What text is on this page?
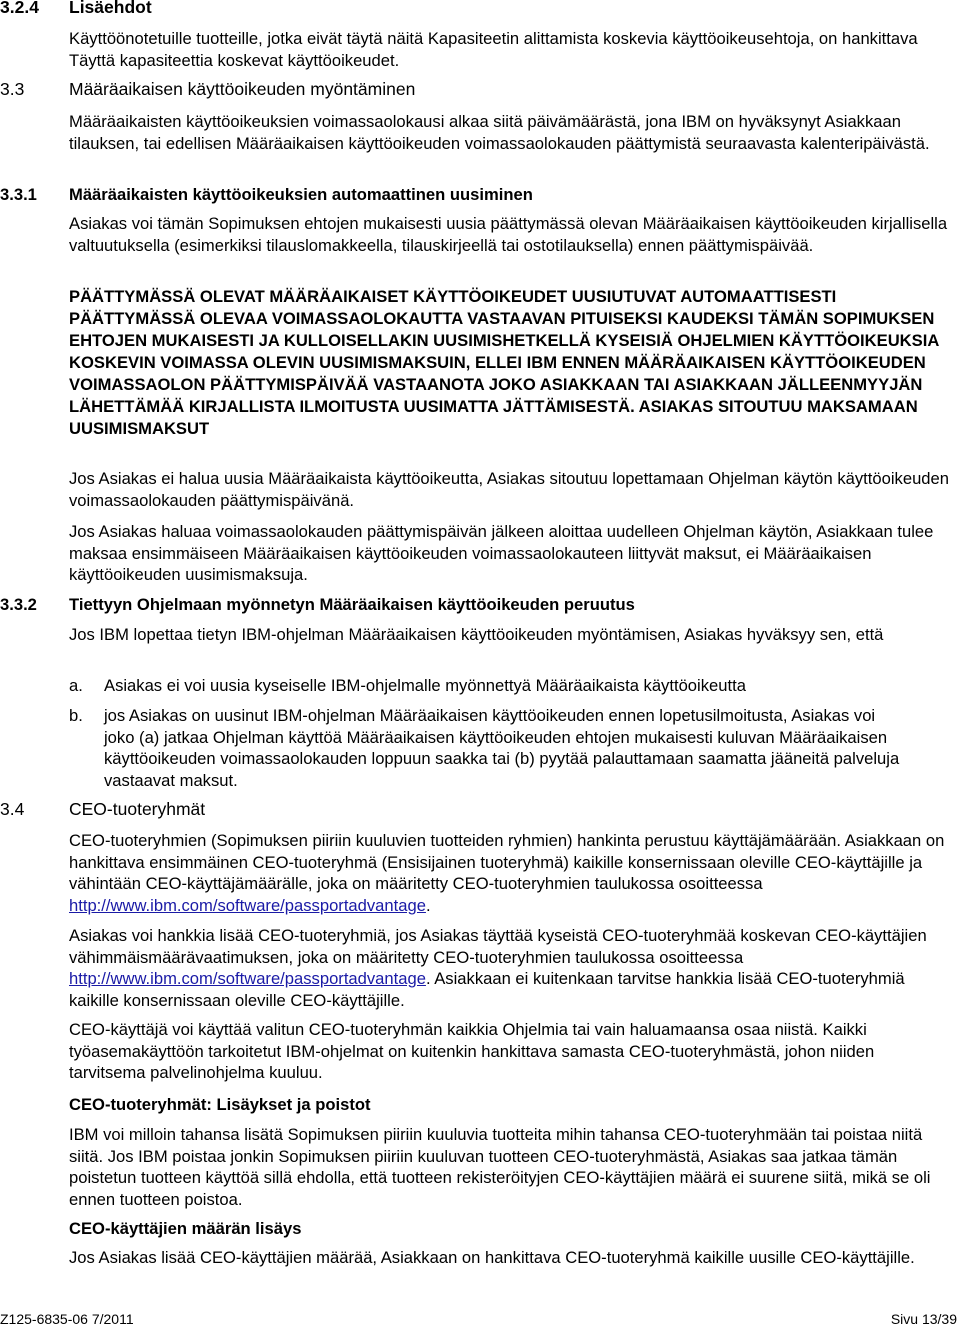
3.2.4 Lisäehdot

Käyttöönotetuille tuotteille, jotka eivät täytä näitä Kapasiteetin alittamista koskevia käyttöoikeusehtoja, on hankittava Täyttä kapasiteettia koskevat käyttöoikeudet.

3.3	Määräaikaisen käyttöoikeuden myöntäminen

Määräaikaisten käyttöoikeuksien voimassaolokausi alkaa siitä päivämäärästä, jona IBM on hyväksynyt Asiakkaan tilauksen, tai edellisen Määräaikaisen käyttöoikeuden voimassaolokauden päättymistä seuraavasta kalenteripäivästä.

3.3.1 Määräaikaisten käyttöoikeuksien automaattinen uusiminen

Asiakas voi tämän Sopimuksen ehtojen mukaisesti uusia päättymässä olevan Määräaikaisen käyttöoikeuden kirjallisella valtuutuksella (esimerkiksi tilauslomakkeella, tilauskirjeellä tai ostotilauksella) ennen päättymispäivää.

PÄÄTTYMÄSSÄ OLEVAT MÄÄRÄAIKAISET KÄYTTÖOIKEUDET UUSIUTUVAT AUTOMAATTISESTI PÄÄTTYMÄSSÄ OLEVAA VOIMASSAOLOKAUTTA VASTAAVAN PITUISEKSI KAUDEKSI TÄMÄN SOPIMUKSEN EHTOJEN MUKAISESTI JA KULLOISELLAKIN UUSIMISHETKELLÄ KYSEISIÄ OHJELMIEN KÄYTTÖOIKEUKSIA KOSKEVIN VOIMASSA OLEVIN UUSIMISMAKSUIN, ELLEI IBM ENNEN MÄÄRÄAIKAISEN KÄYTTÖOIKEUDEN VOIMASSAOLON PÄÄTTYMISPÄIVÄÄ VASTAANOTA JOKO ASIAKKAAN TAI ASIAKKAAN JÄLLEENMYYJÄN LÄHETTÄMÄÄ KIRJALLISTA ILMOITUSTA UUSIMATTA JÄTTÄMISESTÄ. ASIAKAS SITOUTUU MAKSAMAAN UUSIMISMAKSUT

Jos Asiakas ei halua uusia Määräaikaista käyttöoikeutta, Asiakas sitoutuu lopettamaan Ohjelman käytön käyttöoikeuden voimassaolokauden päättymispäivänä.

Jos Asiakas haluaa voimassaolokauden päättymispäivän jälkeen aloittaa uudelleen Ohjelman käytön, Asiakkaan tulee maksaa ensimmäiseen Määräaikaisen käyttöoikeuden voimassaolokauteen liittyvät maksut, ei Määräaikaisen käyttöoikeuden uusimismaksuja.

3.3.2 Tiettyyn Ohjelmaan myönnetyn Määräaikaisen käyttöoikeuden peruutus

Jos IBM lopettaa tietyn IBM-ohjelman Määräaikaisen käyttöoikeuden myöntämisen, Asiakas hyväksyy sen, että

a. Asiakas ei voi uusia kyseiselle IBM-ohjelmalle myönnettyä Määräaikaista käyttöoikeutta

b. jos Asiakas on uusinut IBM-ohjelman Määräaikaisen käyttöoikeuden ennen lopetusilmoitusta, Asiakas voi joko (a) jatkaa Ohjelman käyttöä Määräaikaisen käyttöoikeuden ehtojen mukaisesti kuluvan Määräaikaisen käyttöoikeuden voimassaolokauden loppuun saakka tai (b) pyytää palauttamaan saamatta jääneitä palveluja vastaavat maksut.

3.4	CEO-tuoteryhmät

CEO-tuoteryhmien (Sopimuksen piiriin kuuluvien tuotteiden ryhmien) hankinta perustuu käyttäjämäärään. Asiakkaan on hankittava ensimmäinen CEO-tuoteryhmä (Ensisijainen tuoteryhmä) kaikille konsernissaan oleville CEO-käyttäjille ja vähintään CEO-käyttäjämäärälle, joka on määritetty CEO-tuoteryhmien taulukossa osoitteessa http://www.ibm.com/software/passportadvantage.

Asiakas voi hankkia lisää CEO-tuoteryhmiä, jos Asiakas täyttää kyseistä CEO-tuoteryhmää koskevan CEO-käyttäjien vähimmäismäärävaatimuksen, joka on määritetty CEO-tuoteryhmien taulukossa osoitteessa http://www.ibm.com/software/passportadvantage. Asiakkaan ei kuitenkaan tarvitse hankkia lisää CEO-tuoteryhmiä kaikille konsernissaan oleville CEO-käyttäjille.

CEO-käyttäjä voi käyttää valitun CEO-tuoteryhmän kaikkia Ohjelmia tai vain haluamaansa osaa niistä. Kaikki työasemakäyttöön tarkoitetut IBM-ohjelmat on kuitenkin hankittava samasta CEO-tuoteryhmästä, johon niiden tarvitsema palvelinohjelma kuuluu.

CEO-tuoteryhmät: Lisäykset ja poistot

IBM voi milloin tahansa lisätä Sopimuksen piiriin kuuluvia tuotteita mihin tahansa CEO-tuoteryhmään tai poistaa niitä siitä. Jos IBM poistaa jonkin Sopimuksen piiriin kuuluvan tuotteen CEO-tuoteryhmästä, Asiakas saa jatkaa tämän poistetun tuotteen käyttöä sillä ehdolla, että tuotteen rekisteröityjen CEO-käyttäjien määrä ei suurene siitä, mikä se oli ennen tuotteen poistoa.

CEO-käyttäjien määrän lisäys

Jos Asiakas lisää CEO-käyttäjien määrää, Asiakkaan on hankittava CEO-tuoteryhmä kaikille uusille CEO-käyttäjille.

Z125-6835-06 7/2011	Sivu 13/39
